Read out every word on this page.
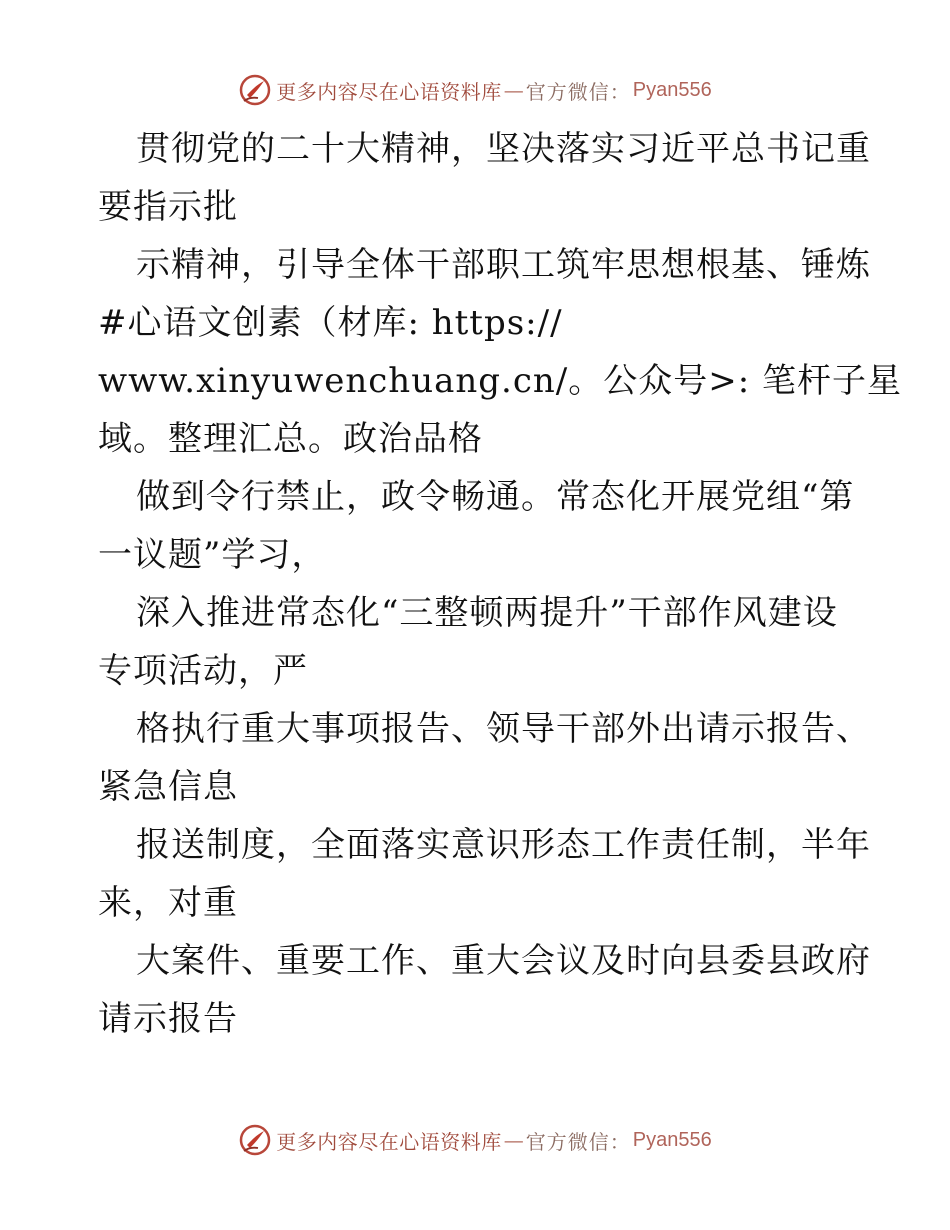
更多内容尽在心语资料库 — 官方微信： Pyan556
贯彻党的二十大精神，坚决落实习近平总书记重
要指示批
示精神，引导全体干部职工筑牢思想根基、锤炼
#心语文创素（材库: https://
www.xinyuwenchuang.cn/。公众号>: 笔杆子星
域。整理汇总。政治品格
做到令行禁止，政令畅通。常态化开展党组“第
一议题”学习，
深入推进常态化“三整顿两提升”干部作风建设
专项活动，严
格执行重大事项报告、领导干部外出请示报告、
紧急信息
报送制度，全面落实意识形态工作责任制，半年
来，对重
大案件、重要工作、重大会议及时向县委县政府
请示报告
更多内容尽在心语资料库 — 官方微信： Pyan556
